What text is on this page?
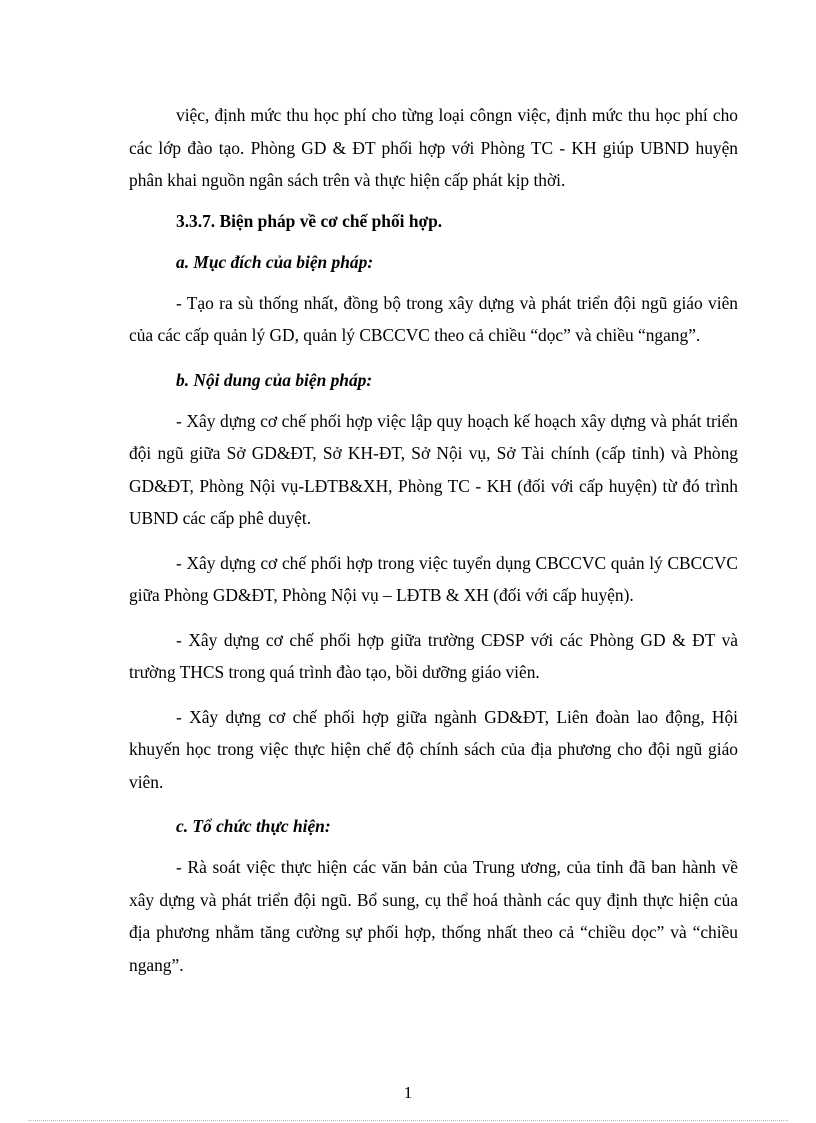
việc, định mức thu học phí cho từng loại côngn việc, định mức thu học phí cho các lớp đào tạo. Phòng GD & ĐT phối hợp với Phòng TC - KH giúp UBND huyện phân khai nguồn ngân sách trên và thực hiện cấp phát kịp thời.

3.3.7. Biện pháp về cơ chế phối hợp.

a. Mục đích của biện pháp:

- Tạo ra sù thống nhất, đồng bộ trong xây dựng và phát triển đội ngũ giáo viên của các cấp quản lý GD, quản lý CBCCVC theo cả chiều “dọc” và chiều “ngang”.

b. Nội dung của biện pháp:

- Xây dựng cơ chế phối hợp việc lập quy hoạch kế hoạch xây dựng và phát triển đội ngũ giữa Sở GD&ĐT, Sở KH-ĐT, Sở Nội vụ, Sở Tài chính (cấp tỉnh) và Phòng GD&ĐT, Phòng Nội vụ-LĐTB&XH, Phòng TC - KH (đối với cấp huyện) từ đó trình UBND các cấp phê duyệt.

- Xây dựng cơ chế phối hợp trong việc tuyển dụng CBCCVC quản lý CBCCVC giữa Phòng GD&ĐT, Phòng Nội vụ – LĐTB & XH (đối với cấp huyện).

- Xây dựng cơ chế phối hợp giữa trường CĐSP với các Phòng GD & ĐT và trường THCS trong quá trình đào tạo, bồi dưỡng giáo viên.

- Xây dựng cơ chế phối hợp giữa ngành GD&ĐT, Liên đoàn lao động, Hội khuyến học trong việc thực hiện chế độ chính sách của địa phương cho đội ngũ giáo viên.

c. Tổ chức thực hiện:

- Rà soát việc thực hiện các văn bản của Trung ương, của tỉnh đã ban hành về xây dựng và phát triển đội ngũ. Bổ sung, cụ thể hoá thành các quy định thực hiện của địa phương nhằm tăng cường sự phối hợp, thống nhất theo cả “chiều dọc” và “chiều ngang”.

1
